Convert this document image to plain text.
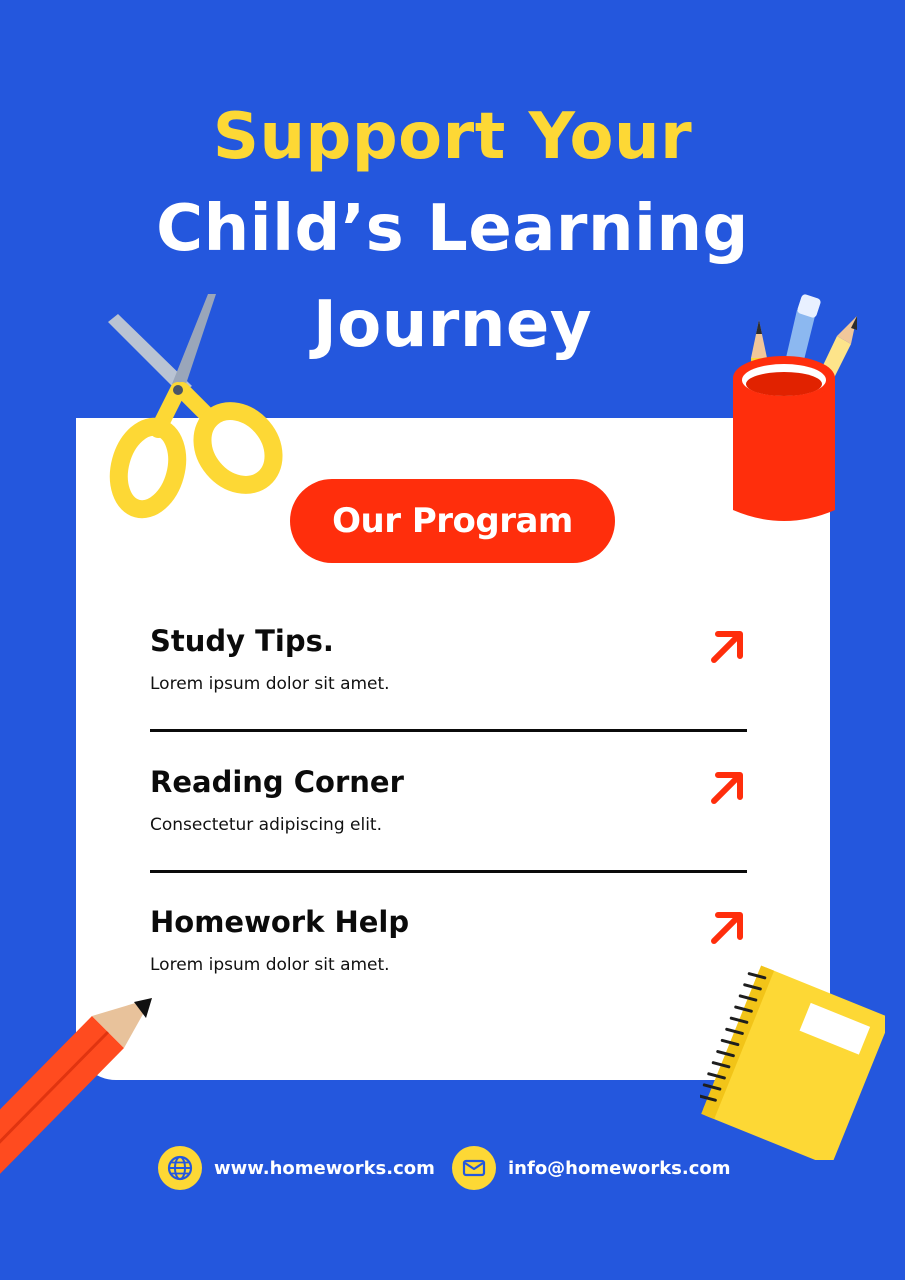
Support Your
Child’s Learning
Journey
Our Program
Study Tips.
Lorem ipsum dolor sit amet.
Reading Corner
Consectetur adipiscing elit.
Homework Help
Lorem ipsum dolor sit amet.
www.homeworks.com	info@homeworks.com
